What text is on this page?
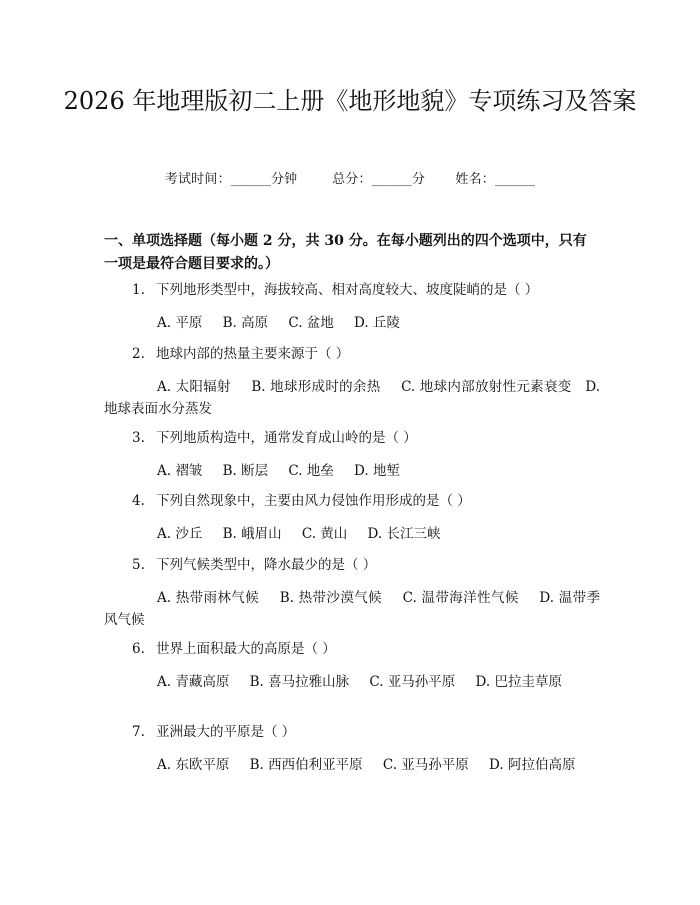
2026 年地理版初二上册《地形地貌》专项练习及答案
考试时间：______分钟	总分：______分 姓名：______
一、单项选择题（每小题 2 分，共 30 分。在每小题列出的四个选项中，只有一项是最符合题目要求的。）
1. 下列地形类型中，海拔较高、相对高度较大、坡度陡峭的是（ ）
A. 平原　  B. 高原　  C. 盆地　  D. 丘陵
2. 地球内部的热量主要来源于（ ）
A. 太阳辐射　  B. 地球形成时的余热　  C. 地球内部放射性元素衰变　 D. 地球表面水分蒸发
3. 下列地质构造中，通常发育成山岭的是（ ）
A. 褶皱　  B. 断层　  C. 地垒　  D. 地堑
4. 下列自然现象中，主要由风力侵蚀作用形成的是（ ）
A. 沙丘　  B. 峨眉山　  C. 黄山　  D. 长江三峡
5. 下列气候类型中，降水最少的是（ ）
A. 热带雨林气候　  B. 热带沙漠气候　  C. 温带海洋性气候　  D. 温带季风气候
6. 世界上面积最大的高原是（ ）
A. 青藏高原　  B. 喜马拉雅山脉　  C. 亚马孙平原　  D. 巴拉圭草原
7. 亚洲最大的平原是（ ）
A. 东欧平原　  B. 西西伯利亚平原　  C. 亚马孙平原　  D. 阿拉伯高原
